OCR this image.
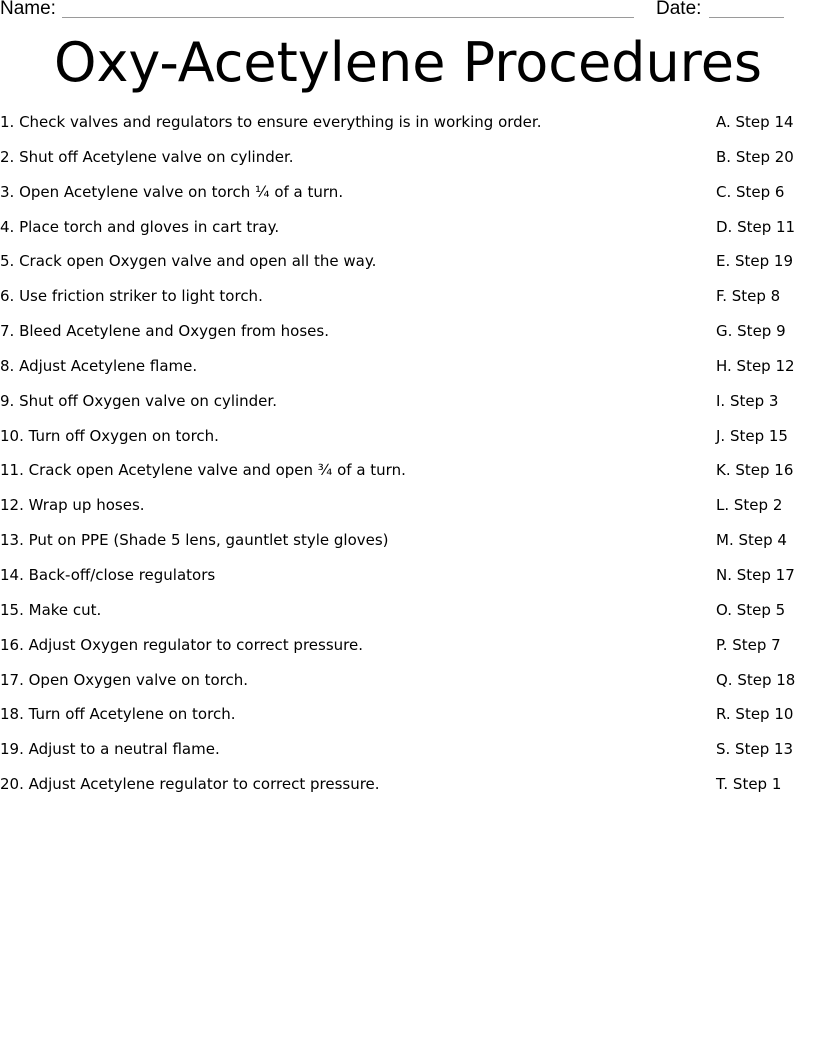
Name:	Date:
Oxy-Acetylene Procedures
1. Check valves and regulators to ensure everything is in working order.	A. Step 14
2. Shut off Acetylene valve on cylinder.	B. Step 20
3. Open Acetylene valve on torch ¼ of a turn.	C. Step 6
4. Place torch and gloves in cart tray.	D. Step 11
5. Crack open Oxygen valve and open all the way.	E. Step 19
6. Use friction striker to light torch.	F. Step 8
7. Bleed Acetylene and Oxygen from hoses.	G. Step 9
8. Adjust Acetylene flame.	H. Step 12
9. Shut off Oxygen valve on cylinder.	I. Step 3
10. Turn off Oxygen on torch.	J. Step 15
11. Crack open Acetylene valve and open ¾ of a turn.	K. Step 16
12. Wrap up hoses.	L. Step 2
13. Put on PPE (Shade 5 lens, gauntlet style gloves)	M. Step 4
14. Back-off/close regulators	N. Step 17
15. Make cut.	O. Step 5
16. Adjust Oxygen regulator to correct pressure.	P. Step 7
17. Open Oxygen valve on torch.	Q. Step 18
18. Turn off Acetylene on torch.	R. Step 10
19. Adjust to a neutral flame.	S. Step 13
20. Adjust Acetylene regulator to correct pressure.	T. Step 1
